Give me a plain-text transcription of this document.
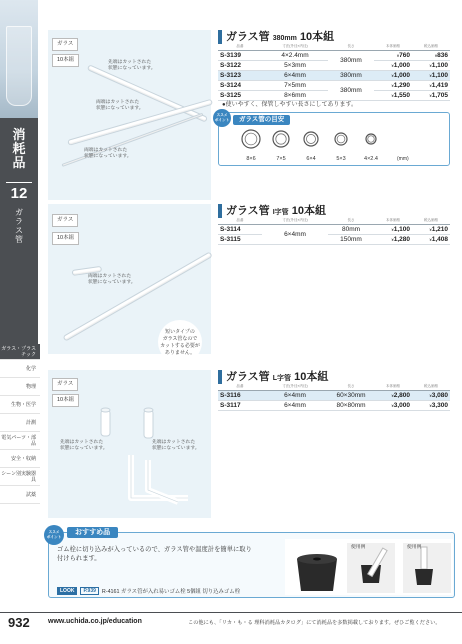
消耗品
12
ガラス管
ガラス・プラスチック
化学
物理
生物・医学
計測
電気パーツ・部品
安全・収納
シーン別実験器具
試薬
ガラス
10本組	先端はカットされた
状態になっています。
両端はカットされた
状態になっています。
両端はカットされた
状態になっています。
ガラス管 380mm 10本組
品番	寸法(外径×内径)	長さ	本体価格	税込価格
S-3139	4×2.4mm	380mm	¥760	¥836
S-3122	5×3mm		¥1,000	¥1,100
S-3123	6×4mm	380mm	¥1,000	¥1,100
S-3124	7×5mm	380mm	¥1,290	¥1,419
S-3125	8×6mm		¥1,550	¥1,705
●使いやすく、保管しやすい長さにしてあります。
ススメ
ポイント	ガラス管の目安
8×6	7×5	6×4	5×3	4×2.4	(mm)
ガラス
10本組
両端はカットされた
状態になっています。
短いタイプの
ガラス管なので
カットする必要が
ありません。
ガラス管 I字管 10本組
品番	寸法(外径×内径)	長さ	本体価格	税込価格
S-3114	6×4mm	80mm	¥1,100	¥1,210
S-3115		150mm	¥1,280	¥1,408
ガラス
10本組
先端はカットされた
状態になっています。
先端はカットされた
状態になっています。
ガラス管 L字管 10本組
品番	寸法(外径×内径)	長さ	本体価格	税込価格
S-3116	6×4mm	60×30mm	¥2,800	¥3,080
S-3117	6×4mm	80×80mm	¥3,000	¥3,300
ススメ
ポイント
おすすめ品
ゴム栓に切り込みが入っているので、ガラス管や温度計を簡単に取り付けられます。
LOOK	P.939	R-4161 ガラス管が入れ易いゴム栓 5個組 切り込みゴム栓
使用例	使用例
932	www.uchida.co.jp/education	この他にも、「リカ・も・る 理科消耗品カタログ」にて消耗品を多数掲載しております。ぜひご覧ください。
